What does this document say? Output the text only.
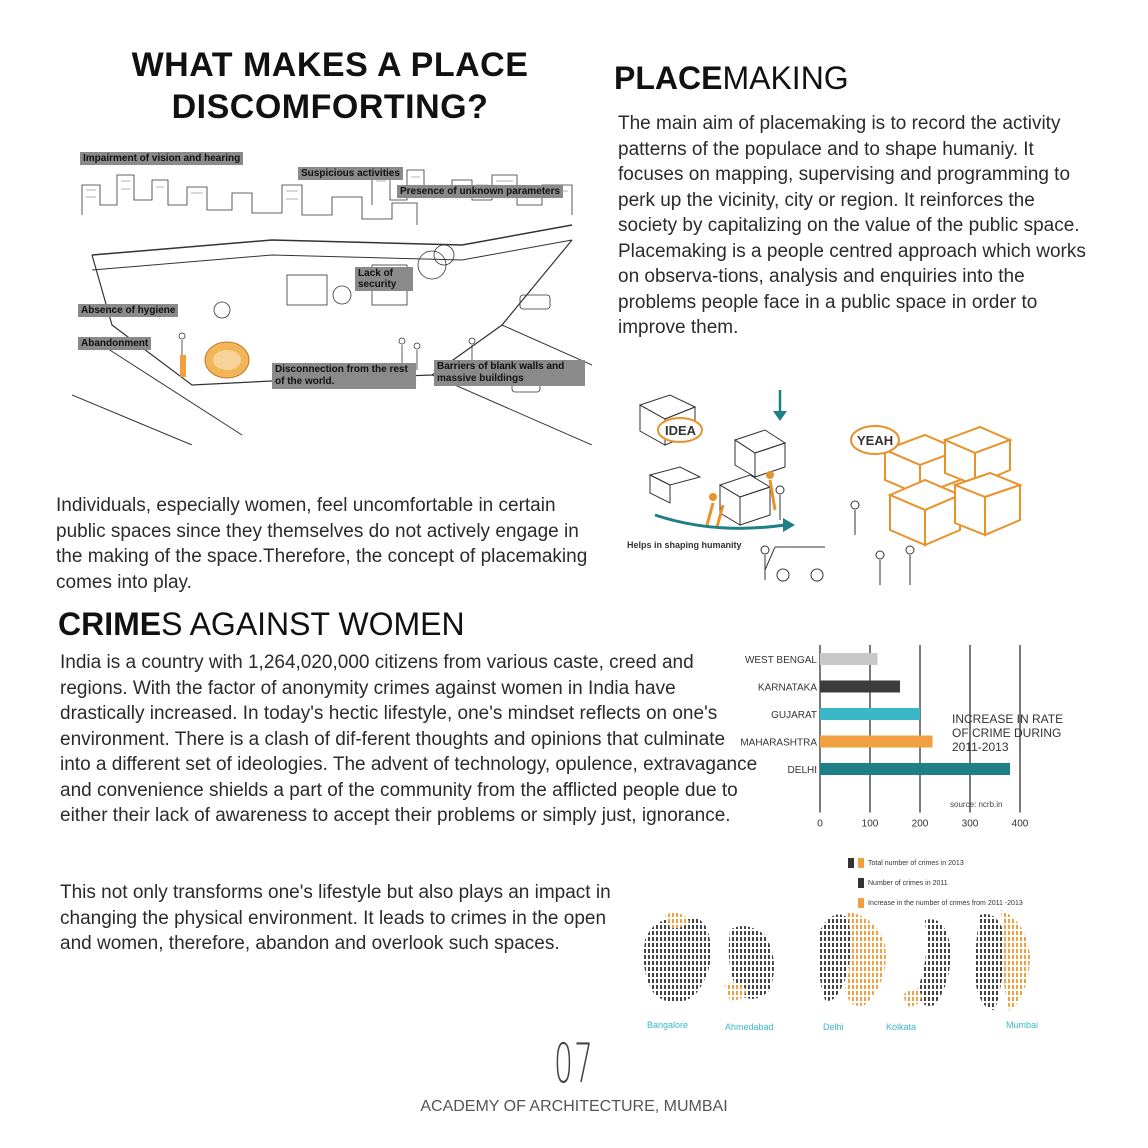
WHAT MAKES A PLACE DISCOMFORTING?
PLACEMAKING
The main aim of placemaking is to record the activity patterns of the populace and to shape humaniy. It focuses on mapping, supervising and programming to perk up the vicinity, city or region. It reinforces the society by capitalizing on the value of the public space. Placemaking is a people centred approach which works on observa-tions, analysis and enquiries into the problems people face in a public space in order to improve them.
Impairment of vision and hearing
Suspicious activities
Presence of unknown parameters
Lack of security
Absence of hygiene
Abandonment
Disconnection from the rest of the world.
Barriers of blank walls and massive buildings
IDEA
YEAH
Helps in shaping humanity
Individuals, especially women, feel uncomfortable in certain public spaces since they themselves do not actively engage in the making of the space.Therefore, the concept of placemaking comes into play.
CRIMES AGAINST WOMEN
India is a country with 1,264,020,000 citizens from various caste, creed and regions. With the factor of anonymity crimes against women in India have drastically increased. In today's hectic lifestyle, one's mindset reflects on one's environment. There is a clash of dif-ferent thoughts and opinions that culminate into a different set of ideologies. The advent of technology, opulence, extravagance and convenience shields a part of the community from the afflicted people due to either their lack of awareness to accept their problems or simply just, ignorance.
This not only transforms one's lifestyle but also plays an impact in changing the physical environment. It leads to crimes in the open and women, therefore, abandon and overlook such spaces.
0	100	200	300	400
WEST BENGAL
KARNATAKA
GUJARAT
MAHARASHTRA
DELHI
INCREASE IN RATE OF CRIME DURING 2011-2013
source: ncrb.in
Total number of crimes in 2013
Number of crimes in 2011
Increase in the number of crimes from 2011 -2013
Bangalore	Ahmedabad	Delhi	Kolkata	Mumbai
07
ACADEMY OF ARCHITECTURE, MUMBAI
